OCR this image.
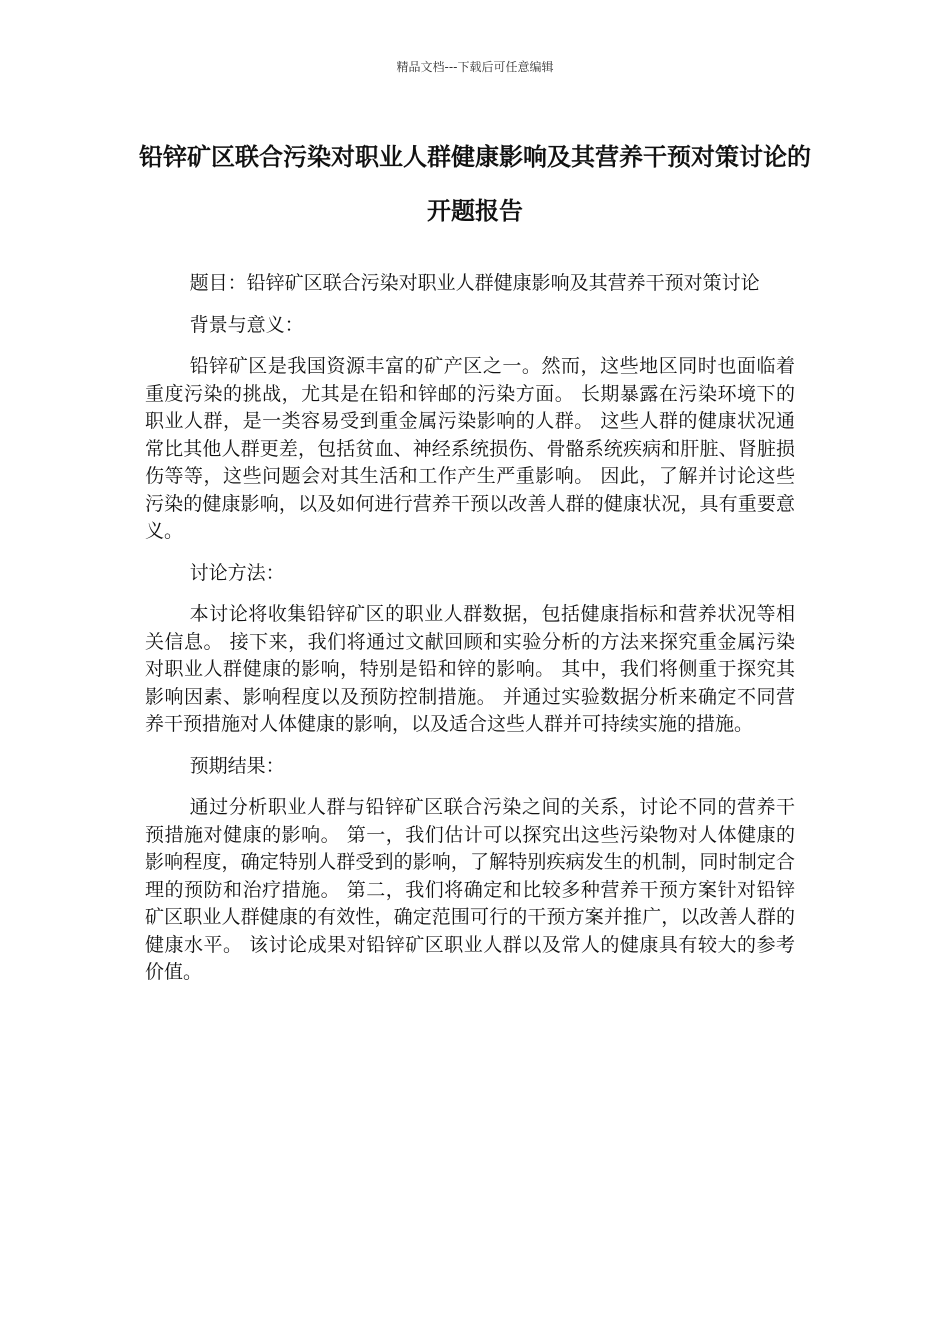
精品文档---下载后可任意编辑
铅锌矿区联合污染对职业人群健康影响及其营养干预对策讨论的开题报告

题目：铅锌矿区联合污染对职业人群健康影响及其营养干预对策讨论

背景与意义：

铅锌矿区是我国资源丰富的矿产区之一。然而，这些地区同时也面临着重度污染的挑战，尤其是在铅和锌邮的污染方面。 长期暴露在污染环境下的职业人群，是一类容易受到重金属污染影响的人群。 这些人群的健康状况通常比其他人群更差，包括贫血、神经系统损伤、骨骼系统疾病和肝脏、肾脏损伤等等，这些问题会对其生活和工作产生严重影响。 因此，了解并讨论这些污染的健康影响，以及如何进行营养干预以改善人群的健康状况，具有重要意义。

讨论方法：

本讨论将收集铅锌矿区的职业人群数据，包括健康指标和营养状况等相关信息。 接下来，我们将通过文献回顾和实验分析的方法来探究重金属污染对职业人群健康的影响，特别是铅和锌的影响。 其中，我们将侧重于探究其影响因素、影响程度以及预防控制措施。 并通过实验数据分析来确定不同营养干预措施对人体健康的影响，以及适合这些人群并可持续实施的措施。

预期结果：

通过分析职业人群与铅锌矿区联合污染之间的关系，讨论不同的营养干预措施对健康的影响。 第一，我们估计可以探究出这些污染物对人体健康的影响程度，确定特别人群受到的影响，了解特别疾病发生的机制，同时制定合理的预防和治疗措施。 第二，我们将确定和比较多种营养干预方案针对铅锌矿区职业人群健康的有效性，确定范围可行的干预方案并推广，以改善人群的健康水平。 该讨论成果对铅锌矿区职业人群以及常人的健康具有较大的参考价值。
